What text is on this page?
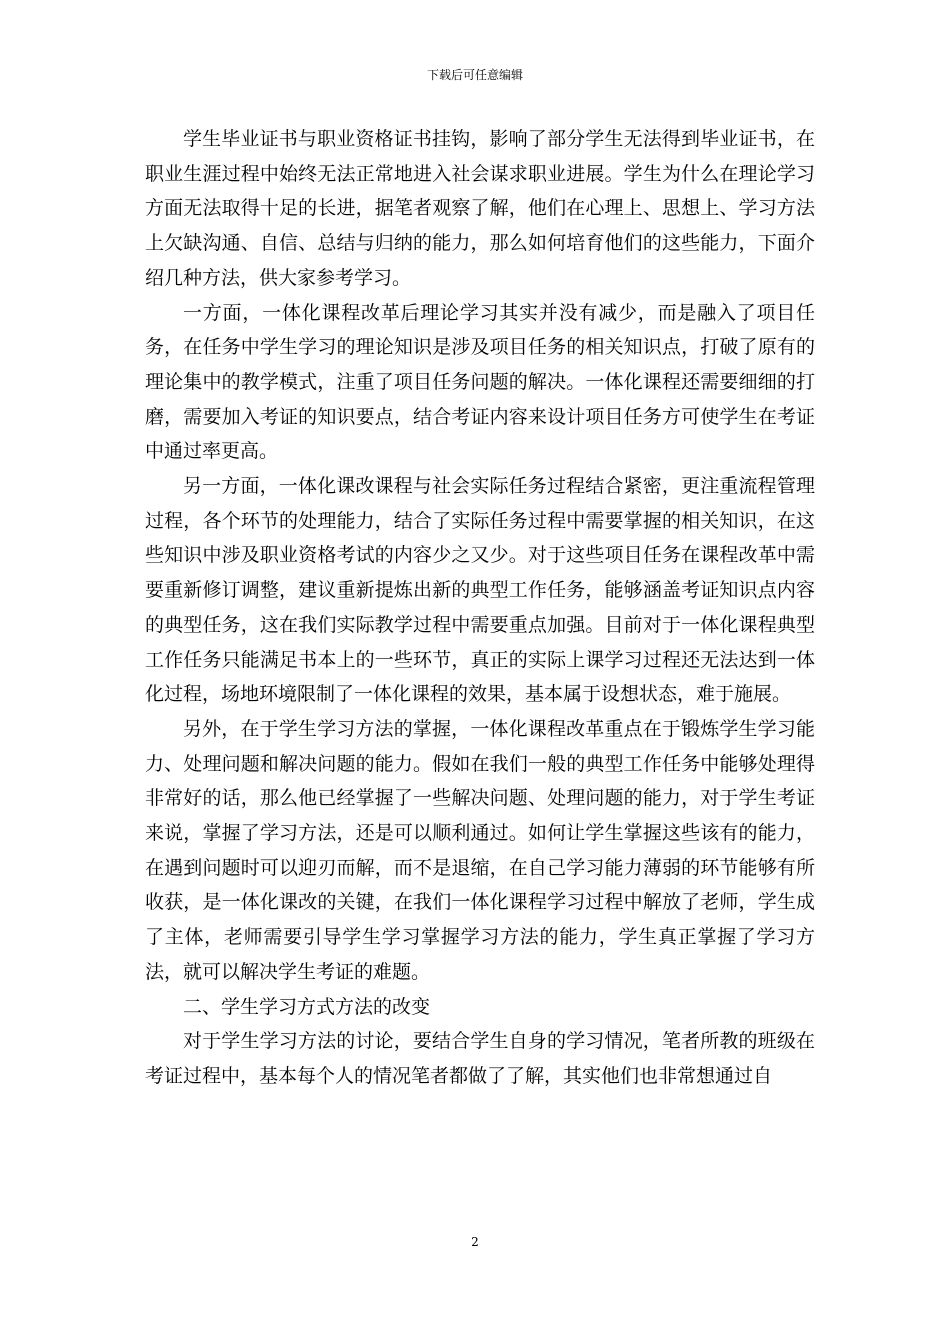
下载后可任意编辑

学生毕业证书与职业资格证书挂钩，影响了部分学生无法得到毕业证书，在职业生涯过程中始终无法正常地进入社会谋求职业进展。学生为什么在理论学习方面无法取得十足的长进，据笔者观察了解，他们在心理上、思想上、学习方法上欠缺沟通、自信、总结与归纳的能力，那么如何培育他们的这些能力，下面介绍几种方法，供大家参考学习。

一方面，一体化课程改革后理论学习其实并没有减少，而是融入了项目任务，在任务中学生学习的理论知识是涉及项目任务的相关知识点，打破了原有的理论集中的教学模式，注重了项目任务问题的解决。一体化课程还需要细细的打磨，需要加入考证的知识要点，结合考证内容来设计项目任务方可使学生在考证中通过率更高。

另一方面，一体化课改课程与社会实际任务过程结合紧密，更注重流程管理过程，各个环节的处理能力，结合了实际任务过程中需要掌握的相关知识，在这些知识中涉及职业资格考试的内容少之又少。对于这些项目任务在课程改革中需要重新修订调整，建议重新提炼出新的典型工作任务，能够涵盖考证知识点内容的典型任务，这在我们实际教学过程中需要重点加强。目前对于一体化课程典型工作任务只能满足书本上的一些环节，真正的实际上课学习过程还无法达到一体化过程，场地环境限制了一体化课程的效果，基本属于设想状态，难于施展。

另外，在于学生学习方法的掌握，一体化课程改革重点在于锻炼学生学习能力、处理问题和解决问题的能力。假如在我们一般的典型工作任务中能够处理得非常好的话，那么他已经掌握了一些解决问题、处理问题的能力，对于学生考证来说，掌握了学习方法，还是可以顺利通过。如何让学生掌握这些该有的能力，在遇到问题时可以迎刃而解，而不是退缩，在自己学习能力薄弱的环节能够有所收获，是一体化课改的关键，在我们一体化课程学习过程中解放了老师，学生成了主体，老师需要引导学生学习掌握学习方法的能力，学生真正掌握了学习方法，就可以解决学生考证的难题。

二、学生学习方式方法的改变

对于学生学习方法的讨论，要结合学生自身的学习情况，笔者所教的班级在考证过程中，基本每个人的情况笔者都做了了解，其实他们也非常想通过自

2
